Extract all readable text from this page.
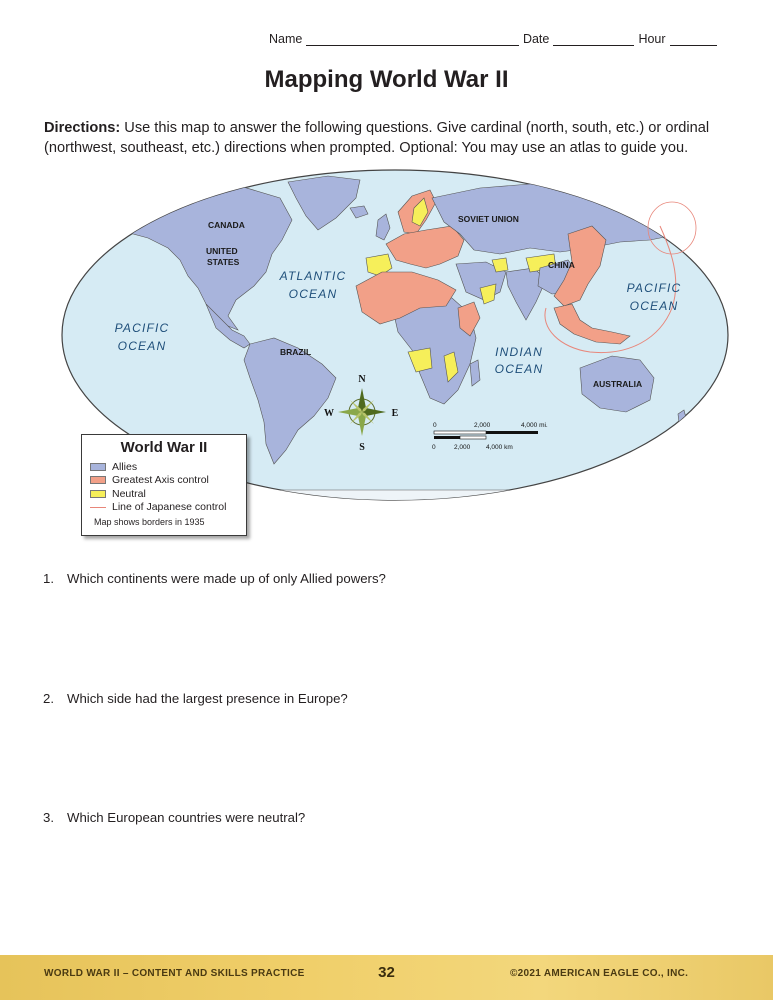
Name	Date	Hour
Mapping World War II

Directions: Use this map to answer the following questions. Give cardinal (north, south, etc.) or ordinal (northwest, southeast, etc.) directions when prompted. Optional: You may use an atlas to guide you.

CANADA
UNITED
STATES
BRAZIL
SOVIET UNION
CHINA
AUSTRALIA
ATLANTIC
OCEAN
PACIFIC
OCEAN
PACIFIC
OCEAN
INDIAN
OCEAN
N
S
E
W
0	2,000	4,000 mi.
0	2,000 4,000 km
World War II
Allies
Greatest Axis control
Neutral
Line of Japanese control
Map shows borders in 1935
1. Which continents were made up of only Allied powers?
2. Which side had the largest presence in Europe?
3. Which European countries were neutral?
WORLD WAR II – CONTENT AND SKILLS PRACTICE	32	©2021 AMERICAN EAGLE CO., INC.
